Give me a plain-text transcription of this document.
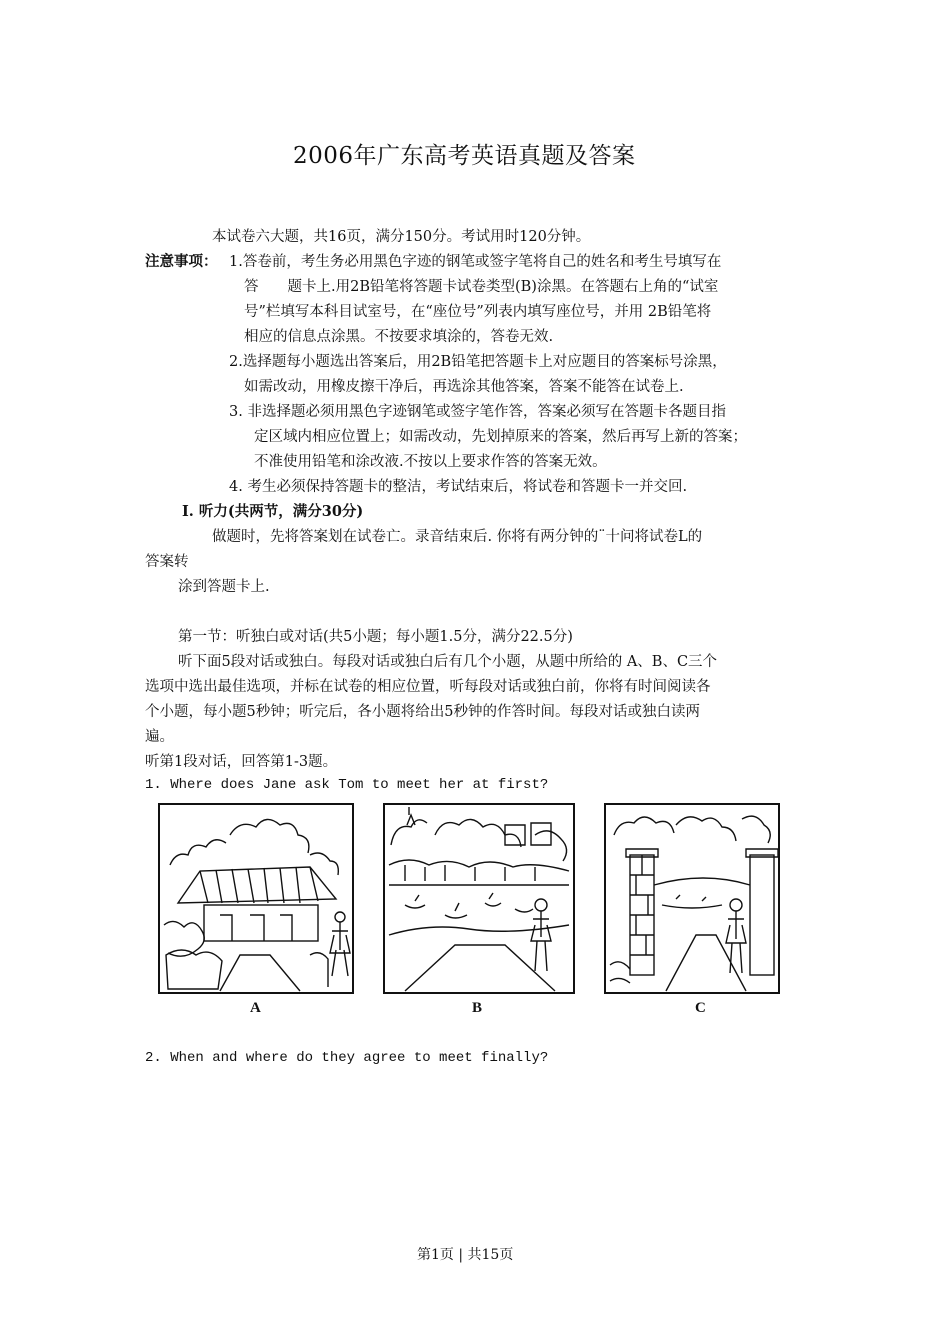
2006年广东高考英语真题及答案
本试卷六大题，共16页，满分150分。考试用时120分钟。
注意事项： 1.答卷前，考生务必用黑色字迹的钢笔或签字笔将自己的姓名和考生号填写在
答　　题卡上.用2B铅笔将答题卡试卷类型(B)涂黑。在答题右上角的“试室
号”栏填写本科目试室号，在“座位号”列表内填写座位号，并用 2B铅笔将
相应的信息点涂黑。不按要求填涂的，答卷无效.
2.选择题每小题选出答案后，用2B铅笔把答题卡上对应题目的答案标号涂黑，
如需改动，用橡皮擦干净后，再选涂其他答案，答案不能答在试卷上.
3. 非选择题必须用黑色字迹钢笔或签字笔作答，答案必须写在答题卡各题目指
定区域内相应位置上；如需改动，先划掉原来的答案，然后再写上新的答案；
不准使用铅笔和涂改液.不按以上要求作答的答案无效。
4. 考生必须保持答题卡的整洁，考试结束后，将试卷和答题卡一并交回.
Ⅰ. 听力(共两节，满分30分)
做题时，先将答案划在试卷亡。录音结束后. 你将有两分钟的¨十问将试卷L的
答案转
涂到答题卡上.
第一节：听独白或对话(共5小题；每小题1.5分，满分22.5分)
听下面5段对话或独白。每段对话或独白后有几个小题，从题中所给的 A、B、C三个
选项中选出最佳选项，并标在试卷的相应位置，听每段对话或独白前，你将有时间阅读各
个小题，每小题5秒钟；听完后，各小题将给出5秒钟的作答时间。每段对话或独白读两
遍。
听第1段对话，回答第1-3题。
1. Where does Jane ask Tom to meet her at first?
A	B	C
2. When and where do they agree to meet finally?
第1页 | 共15页
